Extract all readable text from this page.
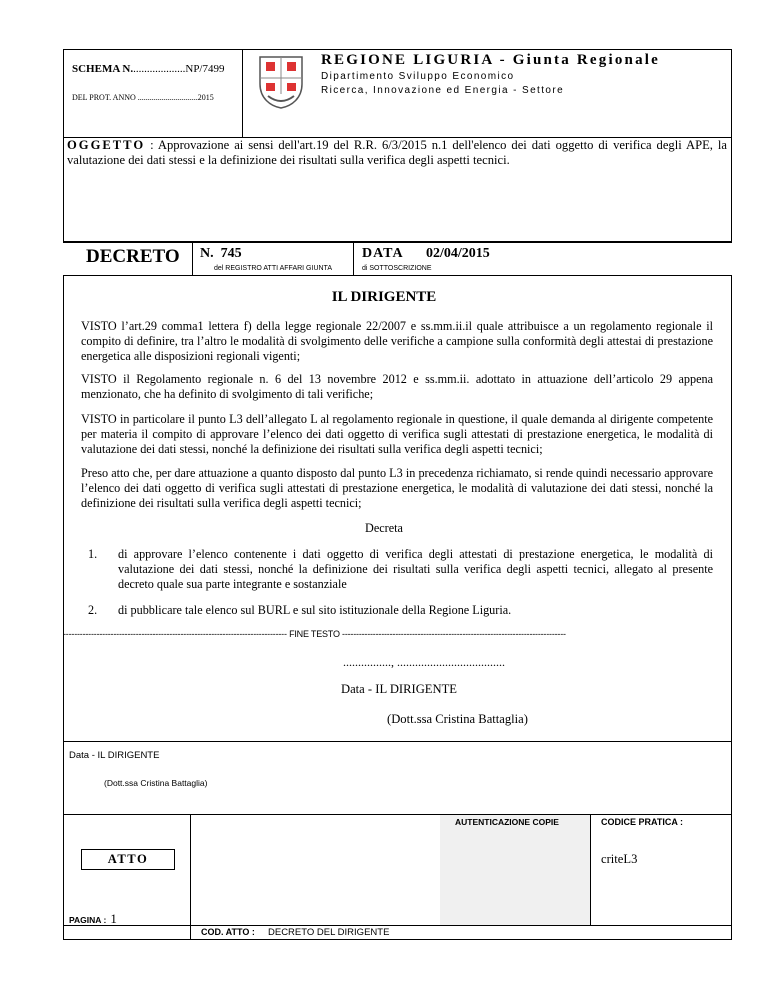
SCHEMA N....................NP/7499
DEL PROT. ANNO ..............................2015
REGIONE LIGURIA - Giunta Regionale
Dipartimento Sviluppo Economico
Ricerca, Innovazione ed Energia - Settore
OGGETTO : Approvazione ai sensi dell'art.19 del R.R. 6/3/2015 n.1 dell'elenco dei dati oggetto di verifica degli APE, la valutazione dei dati stessi e la definizione dei risultati sulla verifica degli aspetti tecnici.
DECRETO N.  745
del REGISTRO ATTI AFFARI GIUNTA
DATA 02/04/2015
di SOTTOSCRIZIONE
IL DIRIGENTE
VISTO l’art.29 comma1 lettera f) della legge regionale 22/2007 e ss.mm.ii.il quale attribuisce a un regolamento regionale il compito di definire, tra l’altro le modalità di svolgimento delle verifiche a campione sulla conformità degli attestai di prestazione energetica alle disposizioni regionali vigenti;
VISTO il Regolamento regionale n. 6 del 13 novembre 2012 e ss.mm.ii. adottato in attuazione dell’articolo 29 appena menzionato, che ha definito di svolgimento di tali verifiche;
VISTO in particolare il punto L3 dell’allegato L al regolamento regionale in questione, il quale demanda al dirigente competente per materia il compito di approvare l’elenco dei dati oggetto di verifica sugli attestati di prestazione energetica, le modalità di valutazione dei dati stessi, nonché la definizione dei risultati sulla verifica degli aspetti tecnici;
Preso atto che, per dare attuazione a quanto disposto dal punto L3 in precedenza richiamato, si rende quindi necessario approvare l’elenco dei dati oggetto di verifica sugli attestati di prestazione energetica, le modalità di valutazione dei dati stessi, nonché la definizione dei risultati sulla verifica degli aspetti tecnici;
Decreta
1. di approvare l’elenco contenente i dati oggetto di verifica degli attestati di prestazione energetica, le modalità di valutazione dei dati stessi, nonché la definizione dei risultati sulla verifica degli aspetti tecnici, allegato al presente decreto quale sua parte integrante e sostanziale
2. di pubblicare tale elenco sul BURL e sul sito istituzionale della Regione Liguria.
-------------------------------------------------------------------------------- FINE TESTO --------------------------------------------------------------------------------
................, ....................................
Data - IL DIRIGENTE
(Dott.ssa Cristina Battaglia)
Data - IL DIRIGENTE
(Dott.ssa Cristina Battaglia)
AUTENTICAZIONE COPIE	CODICE PRATICA :
criteL3
ATTO
PAGINA : 1
COD. ATTO : DECRETO DEL DIRIGENTE
